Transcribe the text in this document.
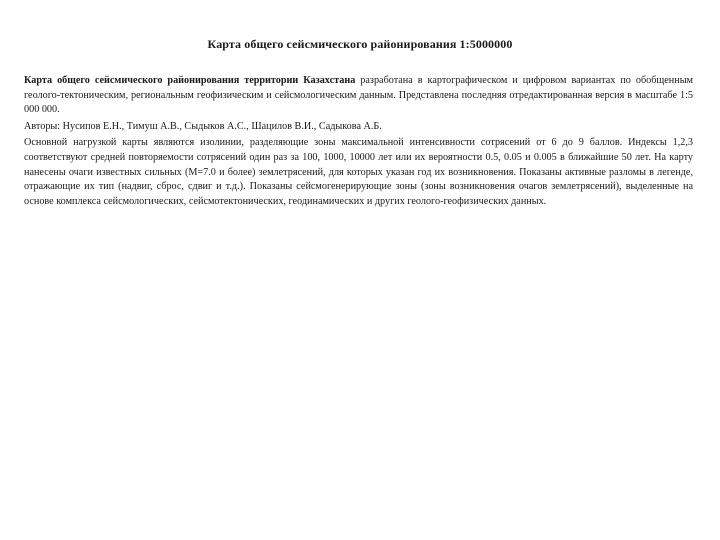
Карта общего сейсмического районирования 1:5000000

Карта общего сейсмического районирования территории Казахстана разработана в картографическом и цифровом вариантах по обобщенным геолого-тектоническим, региональным геофизическим и сейсмологическим данным. Представлена последняя отредактированная версия в масштабе 1:5 000 000.

Авторы: Нусипов Е.Н., Тимуш А.В., Сыдыков А.С., Шацилов В.И., Садыкова А.Б.

Основной нагрузкой карты являются изолинии, разделяющие зоны максимальной интенсивности сотрясений от 6 до 9 баллов. Индексы 1,2,3 соответствуют средней повторяемости сотрясений один раз за 100, 1000, 10000 лет или их вероятности 0.5, 0.05 и 0.005 в ближайшие 50 лет. На карту нанесены очаги известных сильных (М=7.0 и более) землетрясений, для которых указан год их возникновения. Показаны активные разломы в легенде, отражающие их тип (надвиг, сброс, сдвиг и т.д.). Показаны сейсмогенерирующие зоны (зоны возникновения очагов землетрясений), выделенные на основе комплекса сейсмологических, сейсмотектонических, геодинамических и других геолого-геофизических данных.
